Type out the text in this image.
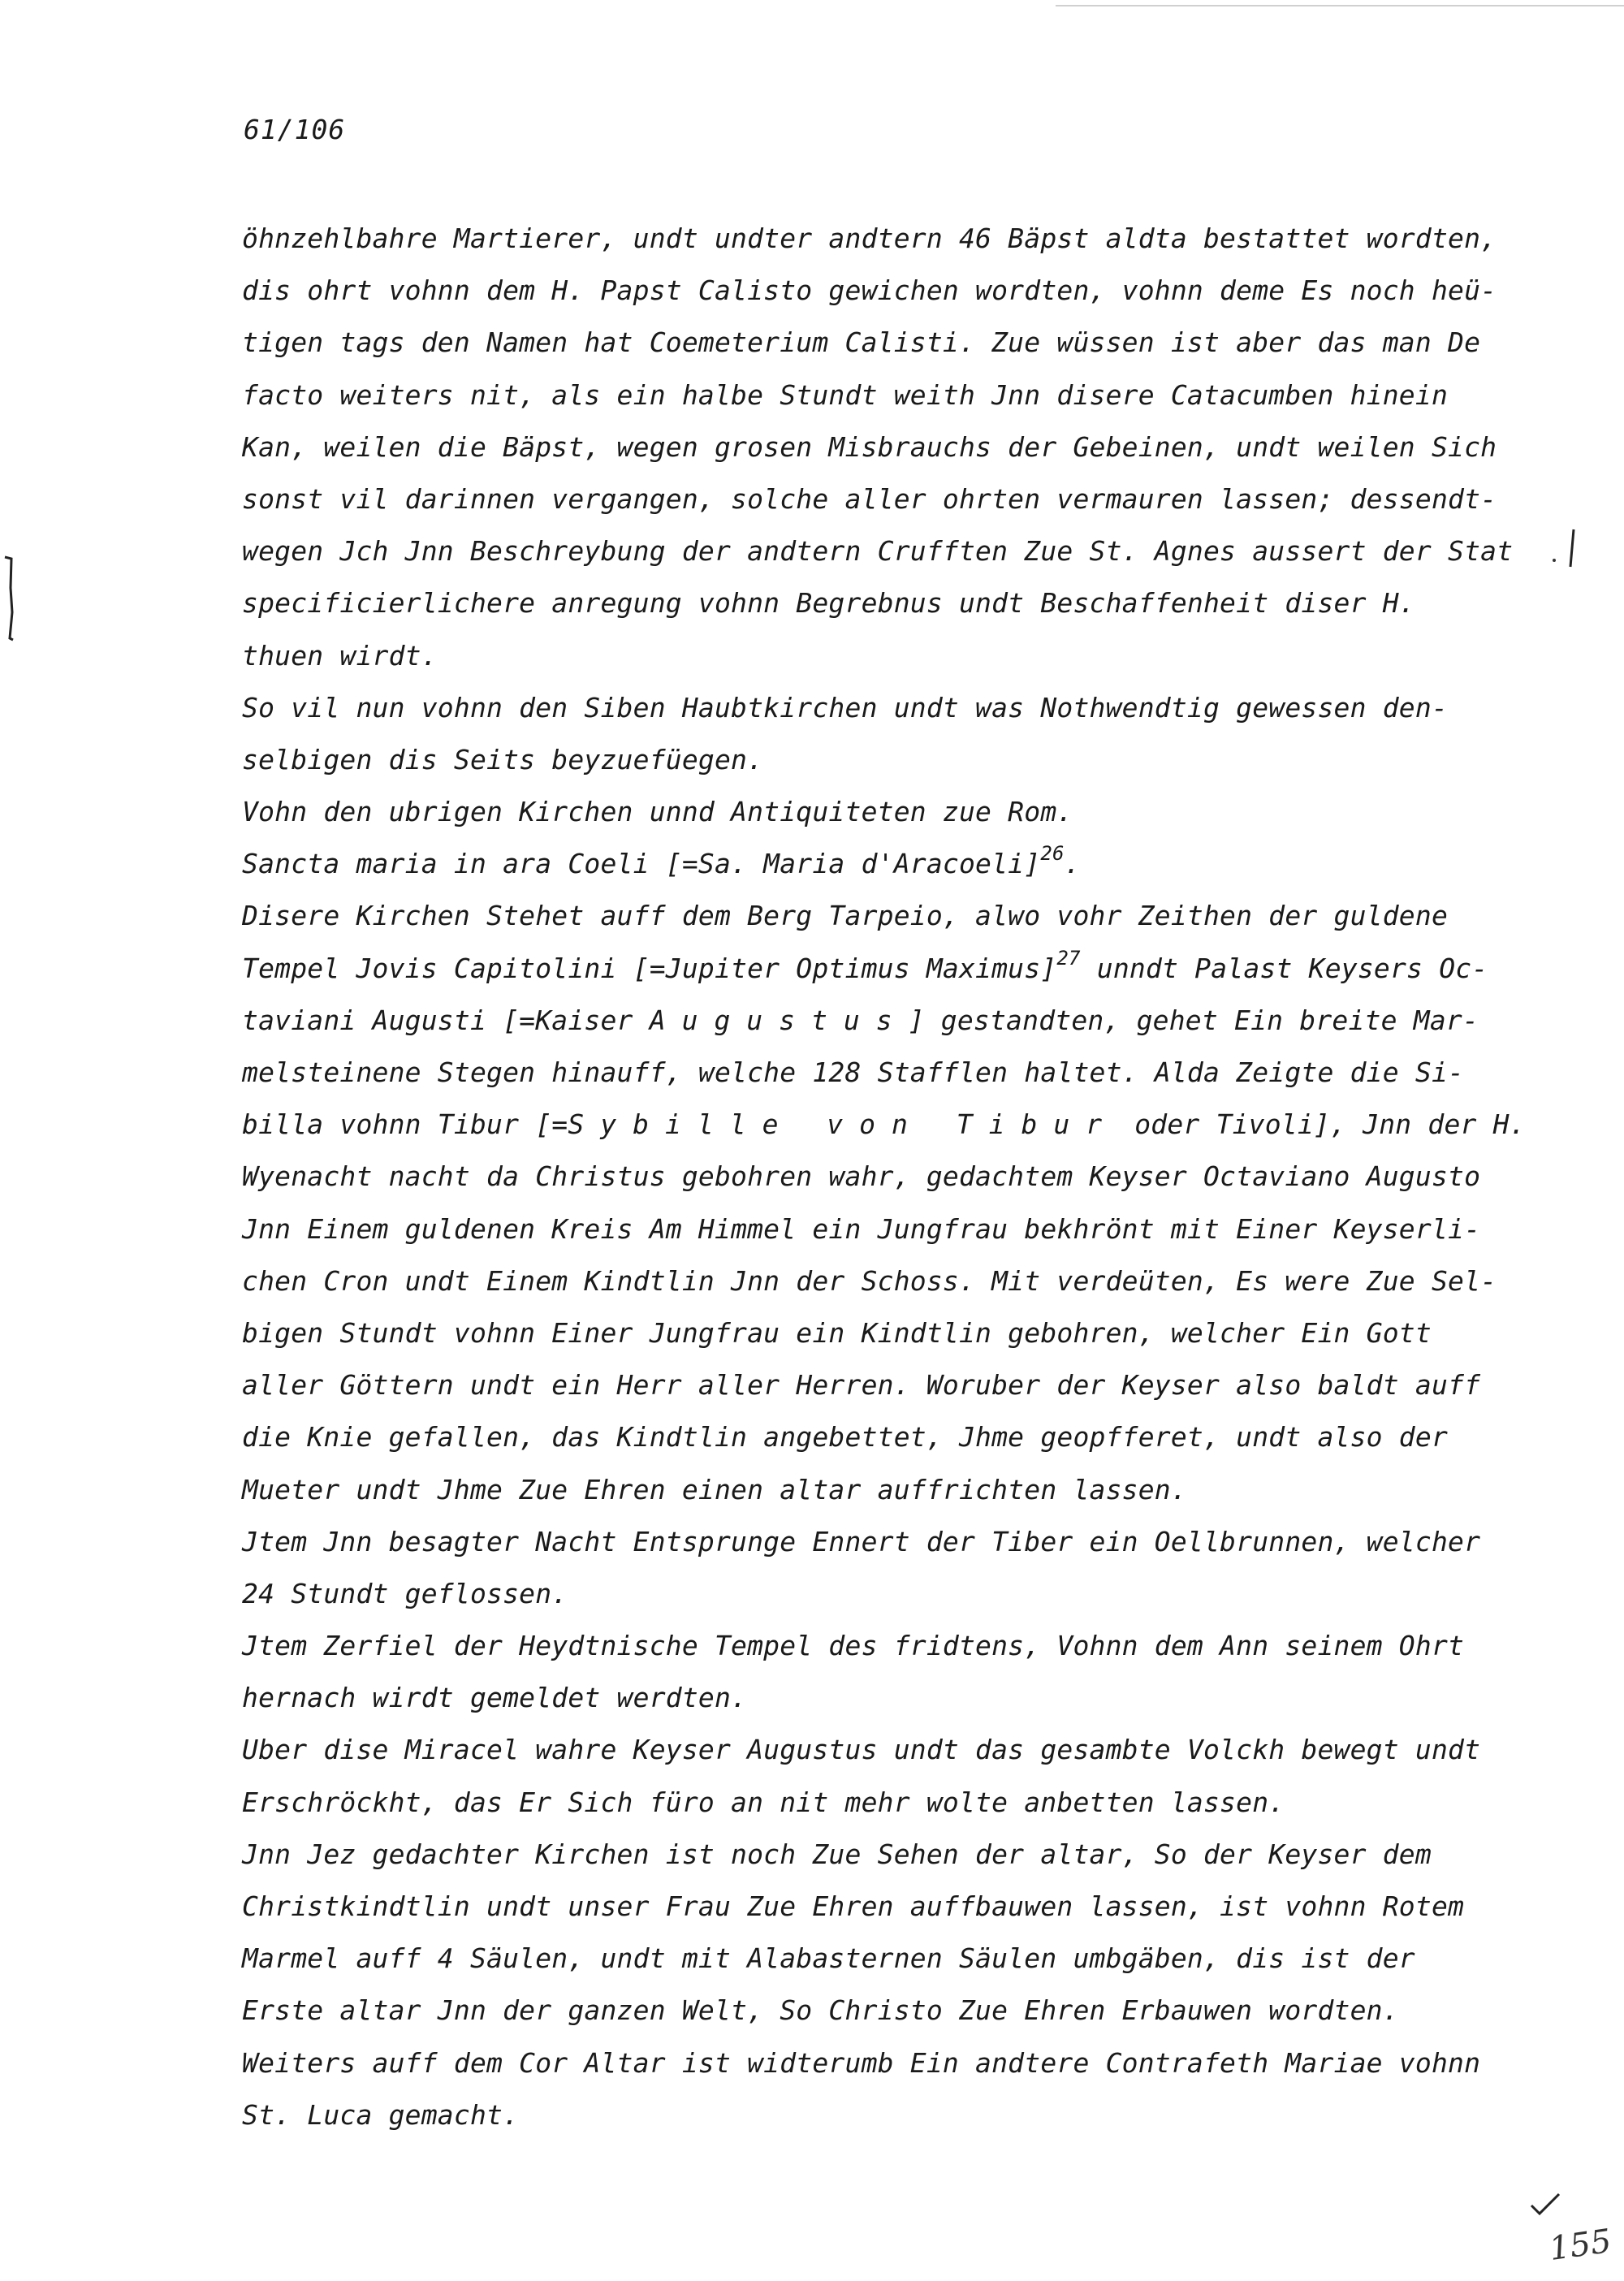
61/106
öhnzehlbahre Martierer, undt undter andtern 46 Bäpst aldta bestattet wordten,
dis ohrt vohnn dem H. Papst Calisto gewichen wordten, vohnn deme Es noch heü-
tigen tags den Namen hat Coemeterium Calisti. Zue wüssen ist aber das man De
facto weiters nit, als ein halbe Stundt weith Jnn disere Catacumben hinein
Kan, weilen die Bäpst, wegen grosen Misbrauchs der Gebeinen, undt weilen Sich
sonst vil darinnen vergangen, solche aller ohrten vermauren lassen; dessendt-
wegen Jch Jnn Beschreybung der andtern Crufften Zue St. Agnes aussert der Stat
specificierlichere anregung vohnn Begrebnus undt Beschaffenheit diser H.
thuen wirdt.
So vil nun vohnn den Siben Haubtkirchen undt was Nothwendtig gewessen den-
selbigen dis Seits beyzuefüegen.
Vohn den ubrigen Kirchen unnd Antiquiteten zue Rom.
Sancta maria in ara Coeli [=Sa. Maria d'Aracoeli]$^{26}$.
Disere Kirchen Stehet auff dem Berg Tarpeio, alwo vohr Zeithen der guldene
Tempel Jovis Capitolini [=Jupiter Optimus Maximus]$^{27}$ unndt Palast Keysers Oc-
taviani Augusti [=Kaiser Augustus] gestandten, gehet Ein breite Mar-
melsteinene Stegen hinauff, welche 128 Stafflen haltet. Alda Zeigte die Si-
billa vohnn Tibur [=Sybille von Tibur oder Tivoli], Jnn der H.
Wyenacht nacht da Christus gebohren wahr, gedachtem Keyser Octaviano Augusto
Jnn Einem guldenen Kreis Am Himmel ein Jungfrau bekhrönt mit Einer Keyserli-
chen Cron undt Einem Kindtlin Jnn der Schoss. Mit verdeüten, Es were Zue Sel-
bigen Stundt vohnn Einer Jungfrau ein Kindtlin gebohren, welcher Ein Gott
aller Göttern undt ein Herr aller Herren. Woruber der Keyser also baldt auff
die Knie gefallen, das Kindtlin angebettet, Jhme geopfferet, undt also der
Mueter undt Jhme Zue Ehren einen altar auffrichten lassen.
Jtem Jnn besagter Nacht Entsprunge Ennert der Tiber ein Oellbrunnen, welcher
24 Stundt geflossen.
Jtem Zerfiel der Heydtnische Tempel des fridtens, Vohnn dem Ann seinem Ohrt
hernach wirdt gemeldet werdten.
Uber dise Miracel wahre Keyser Augustus undt das gesambte Volckh bewegt undt
Erschröckht, das Er Sich füro an nit mehr wolte anbetten lassen.
Jnn Jez gedachter Kirchen ist noch Zue Sehen der altar, So der Keyser dem
Christkindtlin undt unser Frau Zue Ehren auffbauwen lassen, ist vohnn Rotem
Marmel auff 4 Säulen, undt mit Alabasternen Säulen umbgäben, dis ist der
Erste altar Jnn der ganzen Welt, So Christo Zue Ehren Erbauwen wordten.
Weiters auff dem Cor Altar ist widterumb Ein andtere Contrafeth Mariae vohnn
St. Luca gemacht.
155
